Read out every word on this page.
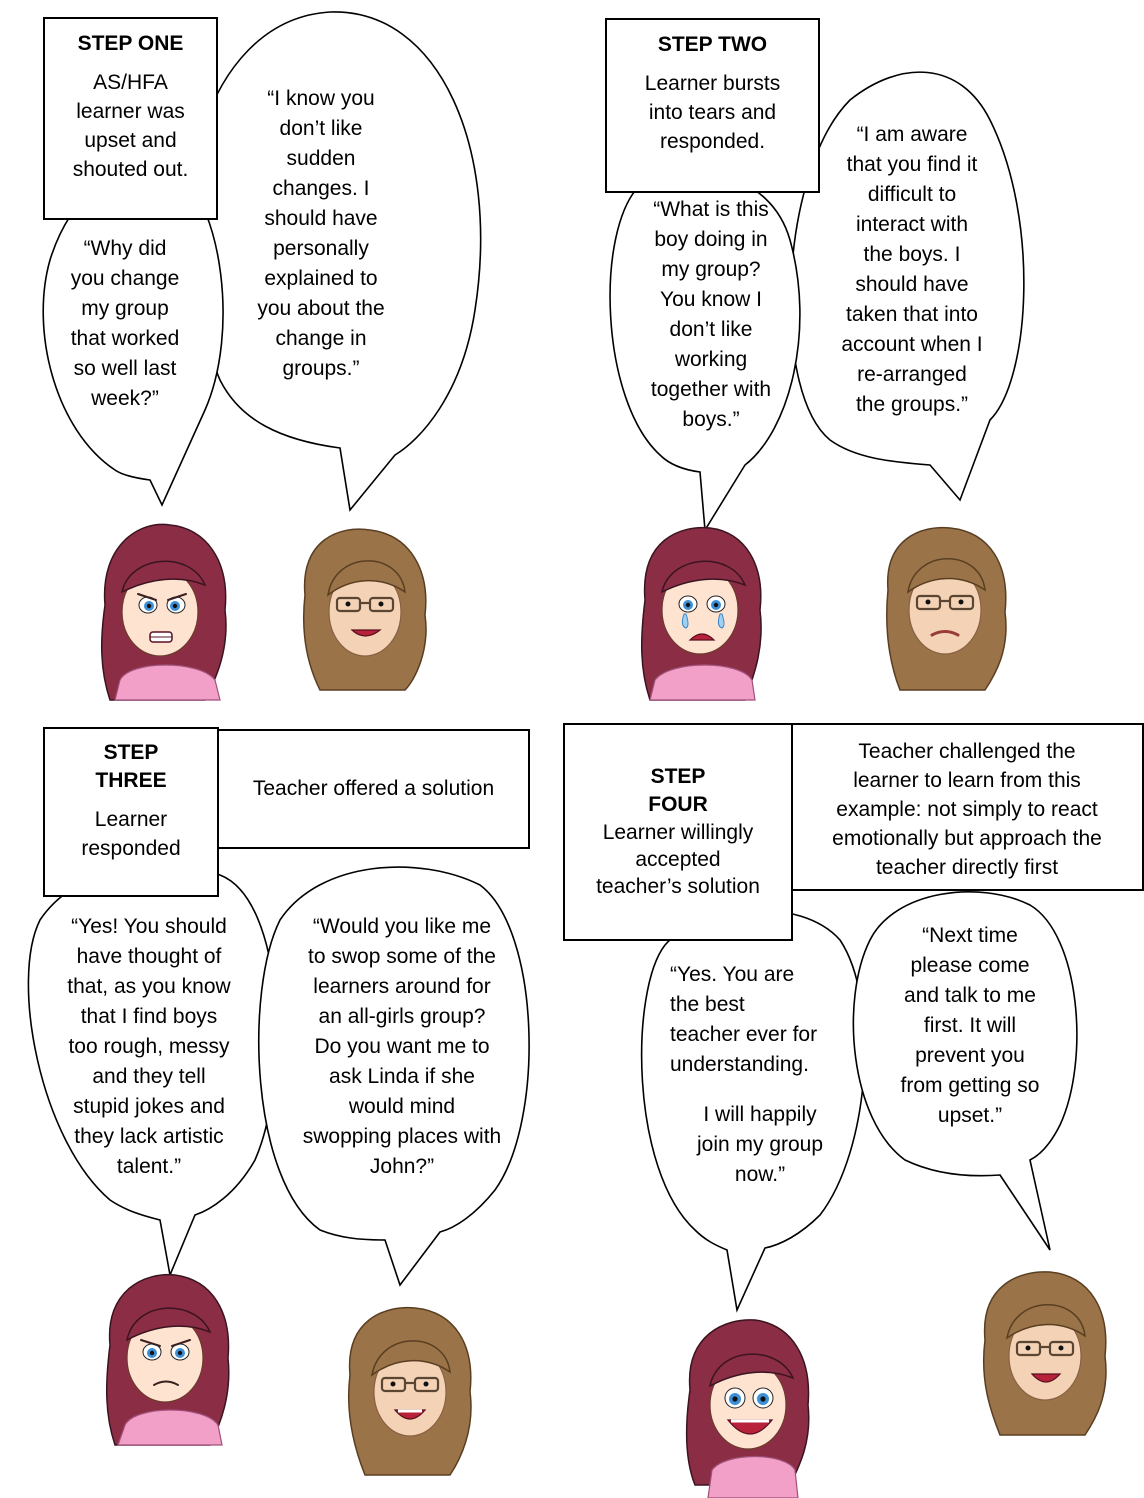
STEP ONE
AS/HFA
learner was
upset and
shouted out.
“Why did
you change
my group
that worked
so well last
week?”
“I know you
don’t like
sudden
changes. I
should have
personally
explained to
you about the
change in
groups.”
STEP TWO
Learner bursts
into tears and
responded.
“What is this
boy doing in
my group?
You know I
don’t like
working
together with
boys.”
“I am aware
that you find it
difficult to
interact with
the boys. I
should have
taken that into
account when I
re-arranged
the groups.”
Teacher offered a solution
STEP
THREE
Learner
responded
“Yes! You should
have thought of
that, as you know
that I find boys
too rough, messy
and they tell
stupid jokes and
they lack artistic
talent.”
“Would you like me
to swop some of the
learners around for
an all-girls group?
Do you want me to
ask Linda if she
would mind
swopping places with
John?”
Teacher challenged the
learner to learn from this
example: not simply to react
emotionally but approach the
teacher directly first
STEP
FOUR
Learner willingly
accepted
teacher’s solution
“Yes. You are
the best
teacher ever for
understanding.
I will happily
join my group
now.”
“Next time
please come
and talk to me
first. It will
prevent you
from getting so
upset.”
